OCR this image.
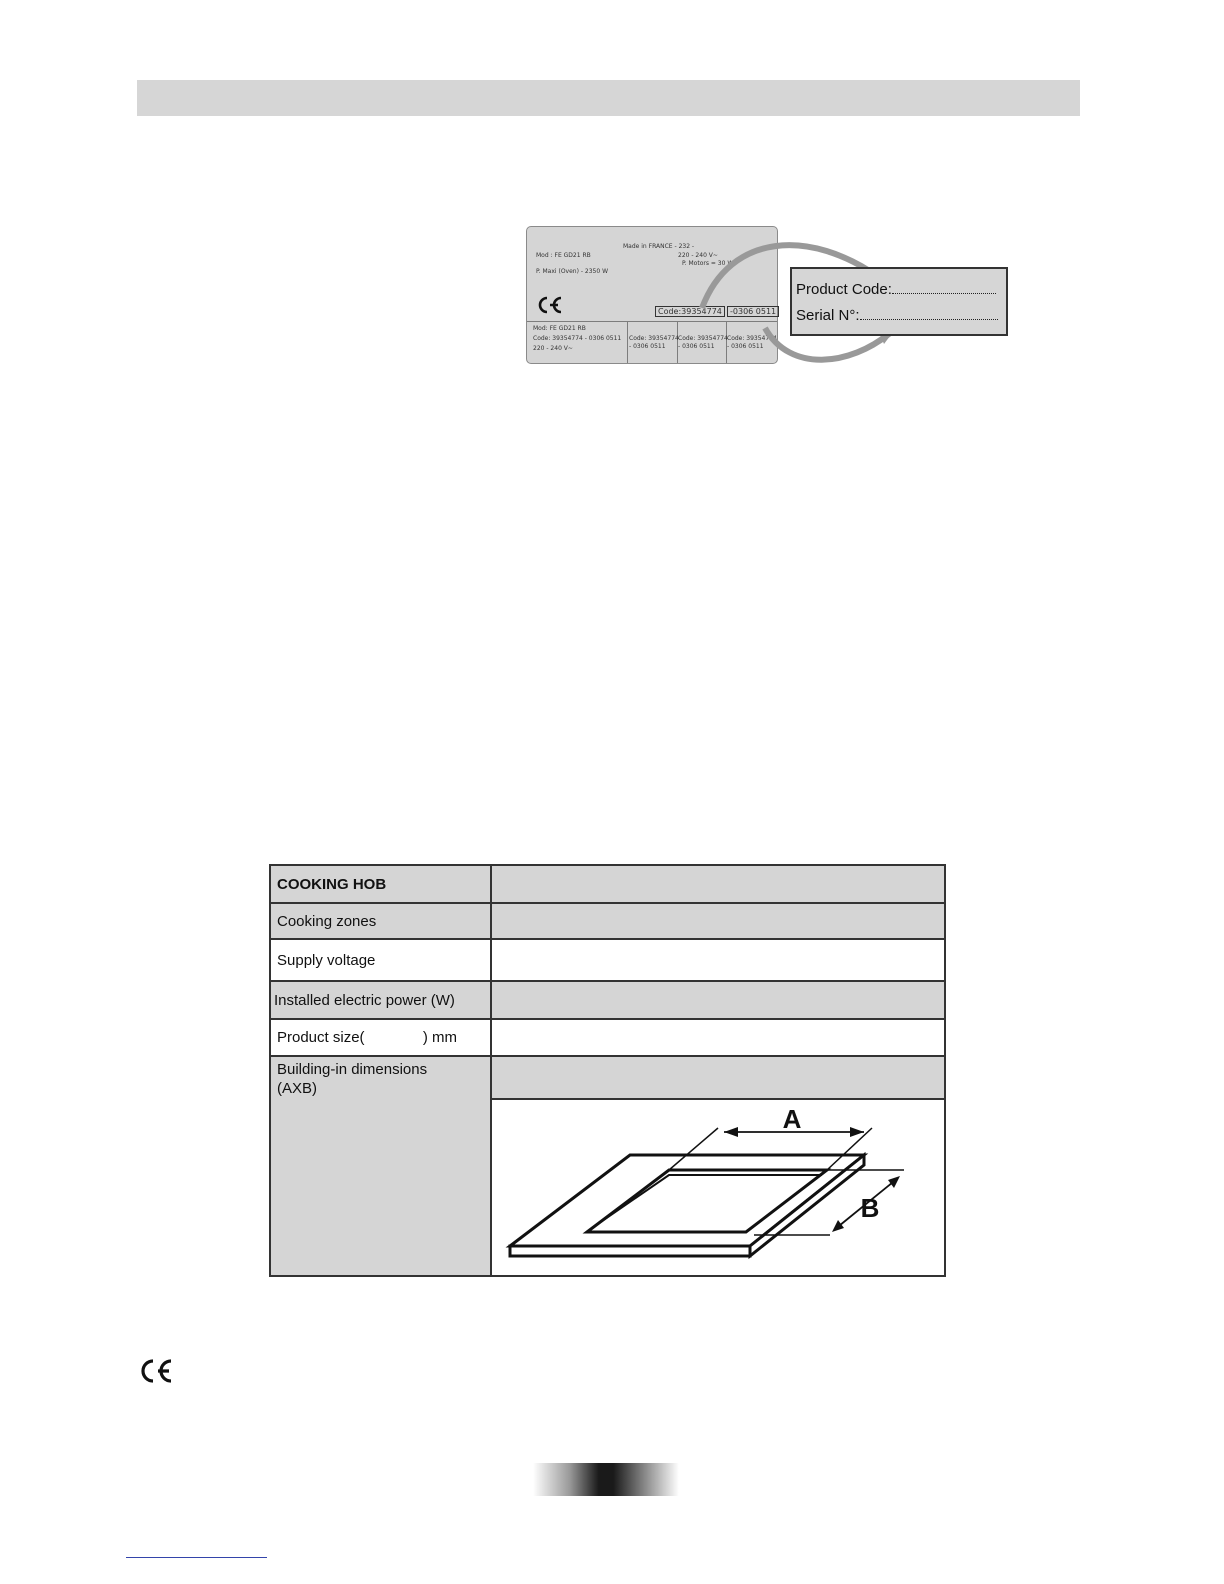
Made in FRANCE - 232 -
Mod : FE GD21 RB	220 - 240 V~
P. Motors = 30 W
P. Maxi (Oven) - 2350 W
Code:39354774	-0306 0511
Mod: FE GD21 RB
Code: 39354774 - 0306 0511
220 - 240 V~
Code: 39354774
- 0306 0511
Code: 39354774
- 0306 0511
Code: 39354774
- 0306 0511
Product Code:
Serial N°:
COOKING HOB
Cooking zones
Supply voltage
Installed electric power (W)
Product size(              ) mm
Building-in dimensions (AXB)
A
B
